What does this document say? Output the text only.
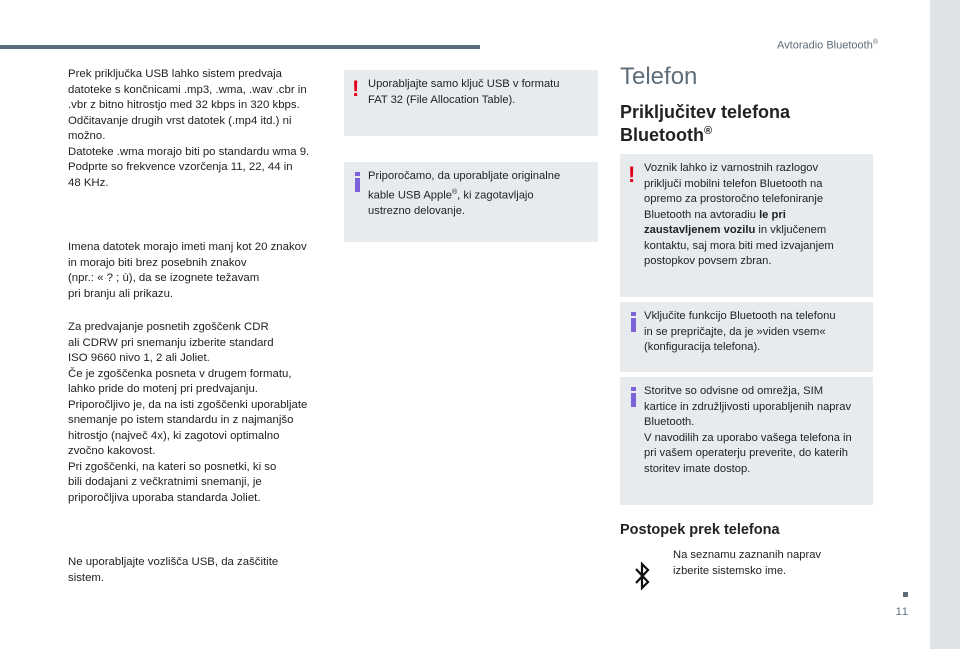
Avtoradio Bluetooth®
11

Prek priključka USB lahko sistem predvaja
datoteke s končnicami .mp3, .wma, .wav .cbr in
.vbr z bitno hitrostjo med 32 kbps in 320 kbps.
Odčitavanje drugih vrst datotek (.mp4 itd.) ni
možno.
Datoteke .wma morajo biti po standardu wma 9.
Podprte so frekvence vzorčenja 11, 22, 44 in
48 KHz.

Imena datotek morajo imeti manj kot 20 znakov
in morajo biti brez posebnih znakov
(npr.: « ? ; ù), da se izognete težavam
pri branju ali prikazu.

Za predvajanje posnetih zgoščenk CDR
ali CDRW pri snemanju izberite standard
ISO 9660 nivo 1, 2 ali Joliet.
Če je zgoščenka posneta v drugem formatu,
lahko pride do motenj pri predvajanju.
Priporočljivo je, da na isti zgoščenki uporabljate
snemanje po istem standardu in z najmanjšo
hitrostjo (največ 4x), ki zagotovi optimalno
zvočno kakovost.
Pri zgoščenki, na kateri so posnetki, ki so
bili dodajani z večkratnimi snemanji, je
priporočljiva uporaba standarda Joliet.

Ne uporabljajte vozlišča USB, da zaščitite
sistem.

! Uporabljajte samo ključ USB v formatu
FAT 32 (File Allocation Table).
Priporočamo, da uporabljate originalne
kable USB Apple®, ki zagotavljajo
ustrezno delovanje.
Telefon
Priključitev telefona
Bluetooth®
! Voznik lahko iz varnostnih razlogov
priključi mobilni telefon Bluetooth na
opremo za prostoročno telefoniranje
Bluetooth na avtoradiu le pri
zaustavljenem vozilu in vključenem
kontaktu, saj mora biti med izvajanjem
postopkov povsem zbran.
Vključite funkcijo Bluetooth na telefonu
in se prepričajte, da je »viden vsem«
(konfiguracija telefona).
Storitve so odvisne od omrežja, SIM
kartice in združljivosti uporabljenih naprav
Bluetooth.
V navodilih za uporabo vašega telefona in
pri vašem operaterju preverite, do katerih
storitev imate dostop.
Postopek prek telefona
Na seznamu zaznanih naprav
izberite sistemsko ime.
